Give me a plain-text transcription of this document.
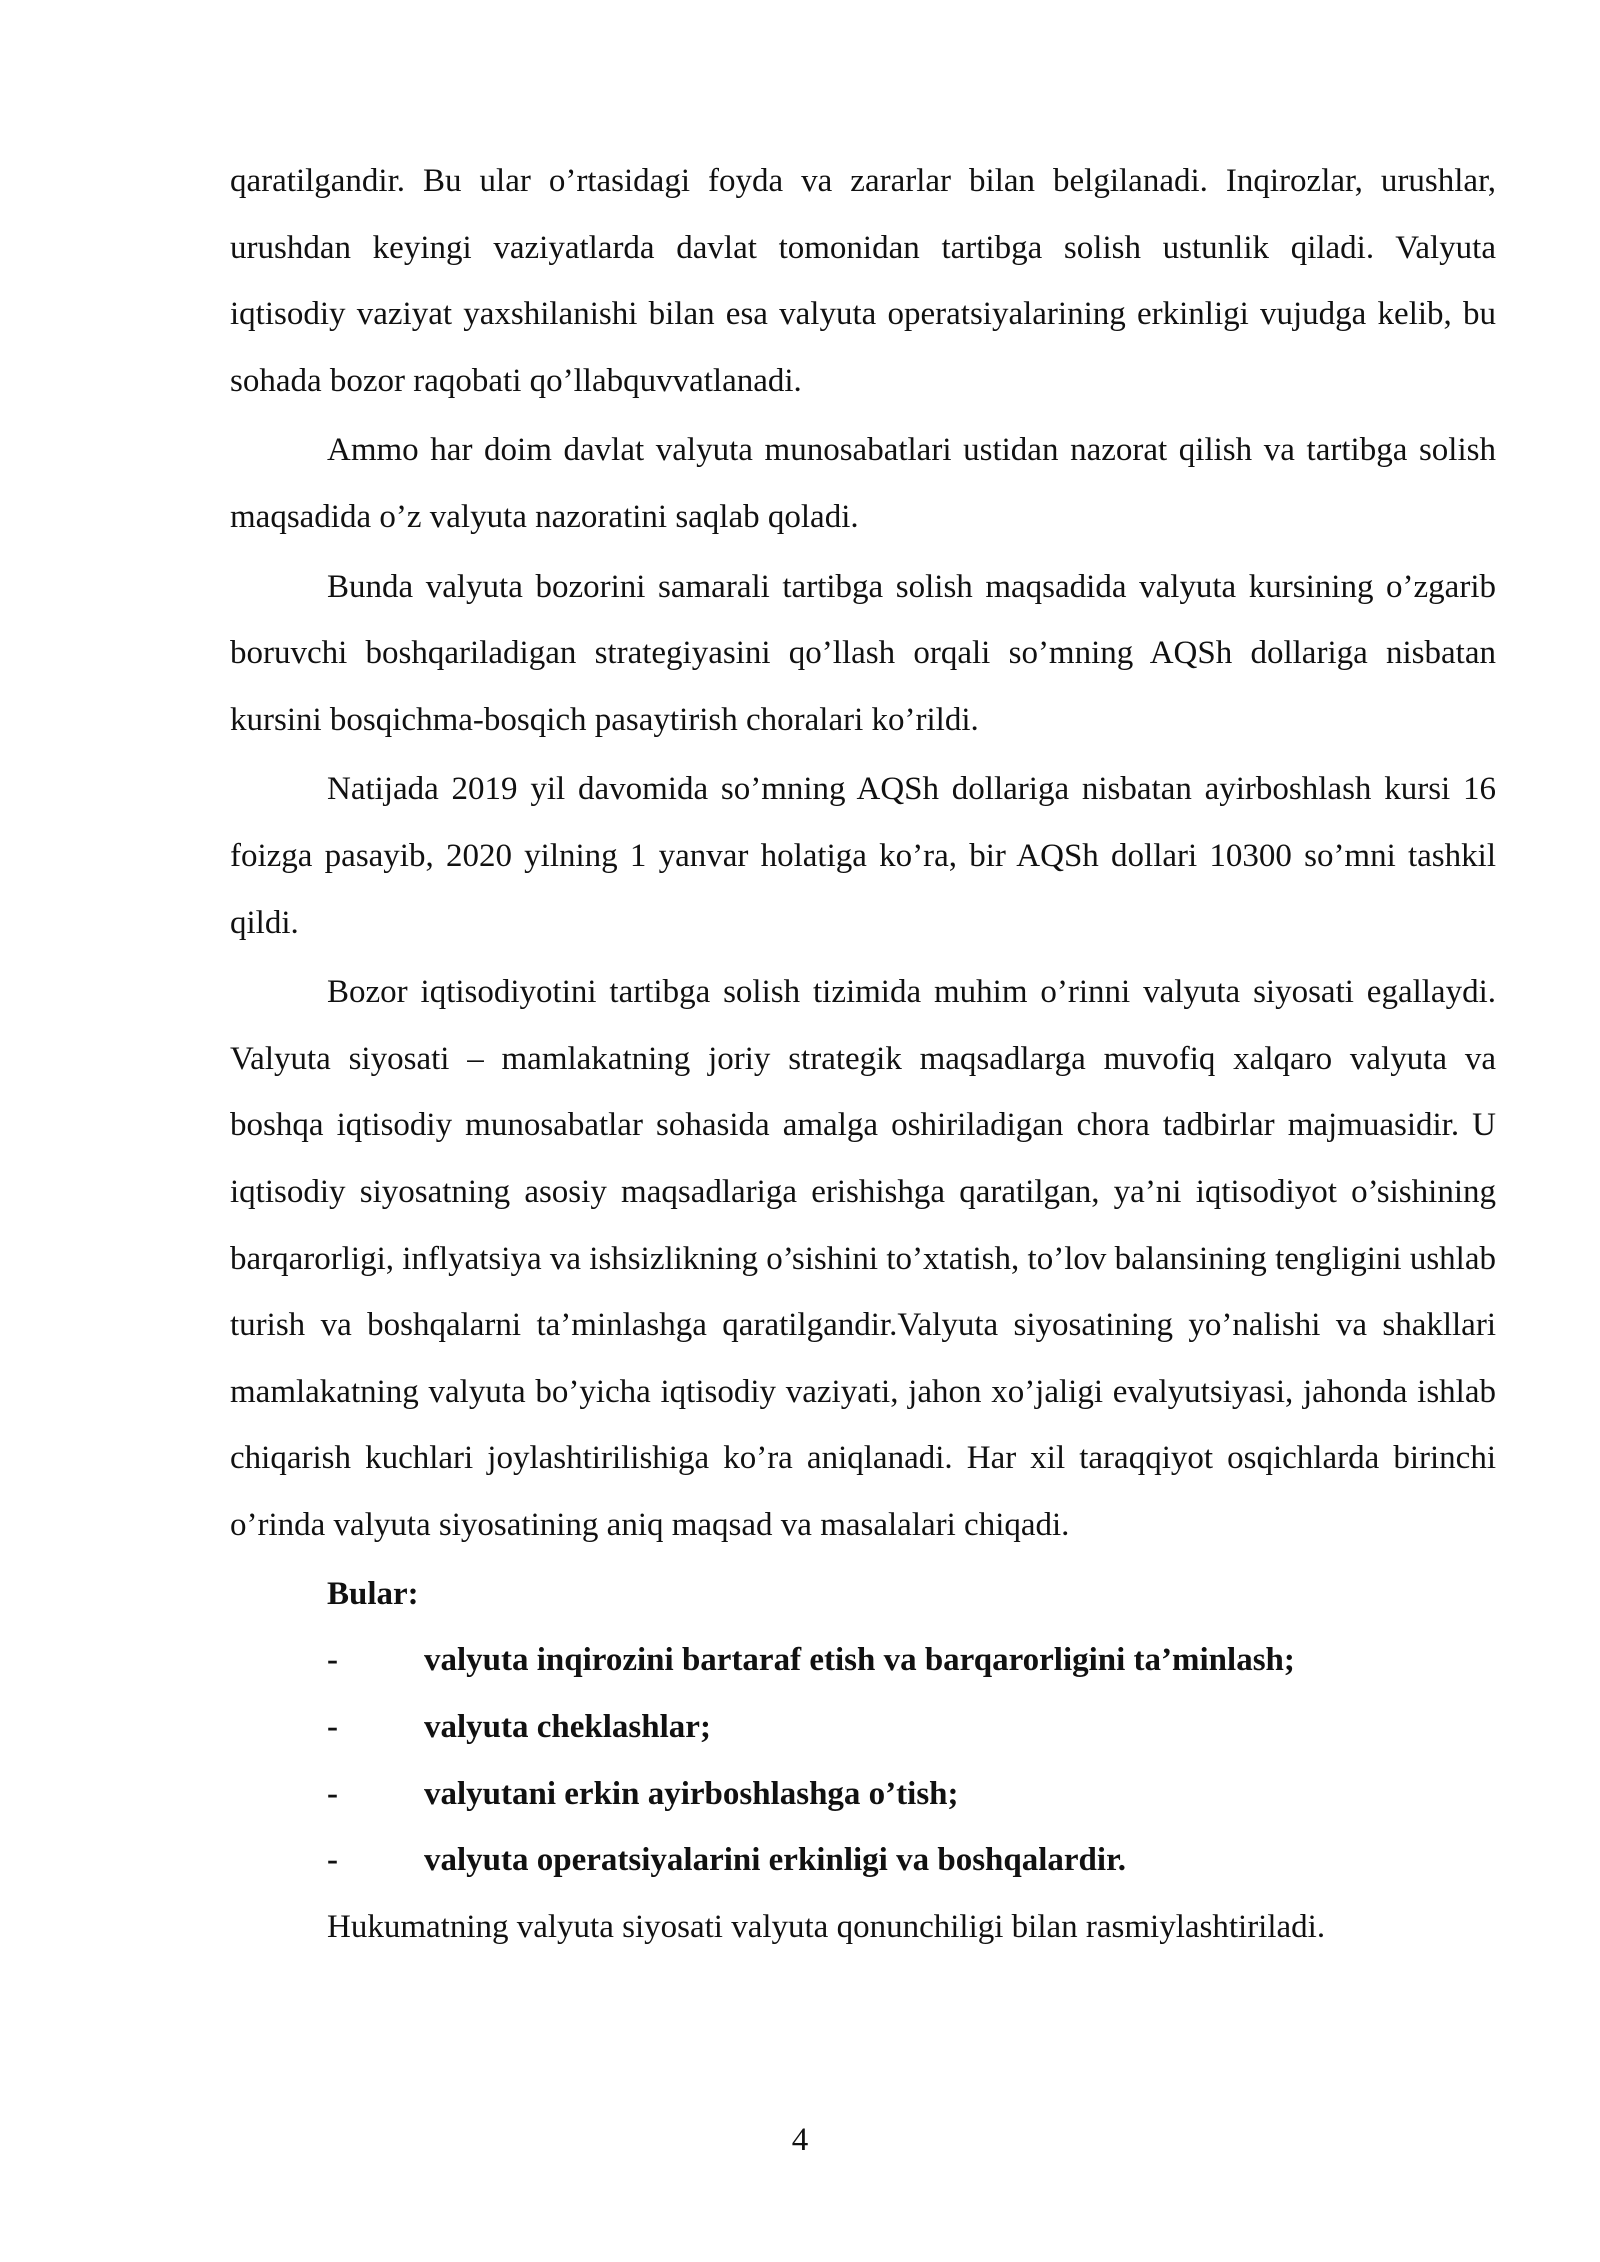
qaratilgandir. Bu ular o’rtasidagi foyda va zararlar bilan belgilanadi. Inqirozlar, urushlar, urushdan keyingi vaziyatlarda davlat tomonidan tartibga solish ustunlik qiladi. Valyuta iqtisodiy vaziyat yaxshilanishi bilan esa valyuta operatsiyalarining erkinligi vujudga kelib, bu sohada bozor raqobati qo’llabquvvatlanadi.

Ammo har doim davlat valyuta munosabatlari ustidan nazorat qilish va tartibga solish maqsadida o’z valyuta nazoratini saqlab qoladi.

Bunda valyuta bozorini samarali tartibga solish maqsadida valyuta kursining o’zgarib boruvchi boshqariladigan strategiyasini qo’llash orqali so’mning AQSh dollariga nisbatan kursini bosqichma-bosqich pasaytirish choralari ko’rildi.

Natijada 2019 yil davomida so’mning AQSh dollariga nisbatan ayirboshlash kursi 16 foizga pasayib, 2020 yilning 1 yanvar holatiga ko’ra, bir AQSh dollari 10300 so’mni tashkil qildi.

Bozor iqtisodiyotini tartibga solish tizimida muhim o’rinni valyuta siyosati egallaydi. Valyuta siyosati – mamlakatning joriy strategik maqsadlarga muvofiq xalqaro valyuta va boshqa iqtisodiy munosabatlar sohasida amalga oshiriladigan chora tadbirlar majmuasidir. U iqtisodiy siyosatning asosiy maqsadlariga erishishga qaratilgan, ya’ni iqtisodiyot o’sishining barqarorligi, inflyatsiya va ishsizlikning o’sishini to’xtatish, to’lov balansining tengligini ushlab turish va boshqalarni ta’minlashga qaratilgandir.Valyuta siyosatining yo’nalishi va shakllari mamlakatning valyuta bo’yicha iqtisodiy vaziyati, jahon xo’jaligi evalyutsiyasi, jahonda ishlab chiqarish kuchlari joylashtirilishiga ko’ra aniqlanadi. Har xil taraqqiyot osqichlarda birinchi o’rinda valyuta siyosatining aniq maqsad va masalalari chiqadi.

Bular:

-	valyuta inqirozini bartaraf etish va barqarorligini ta’minlash;
-	valyuta cheklashlar;
-	valyutani erkin ayirboshlashga o’tish;
-	valyuta operatsiyalarini erkinligi va boshqalardir.

Hukumatning valyuta siyosati valyuta qonunchiligi bilan rasmiylashtiriladi.

4
